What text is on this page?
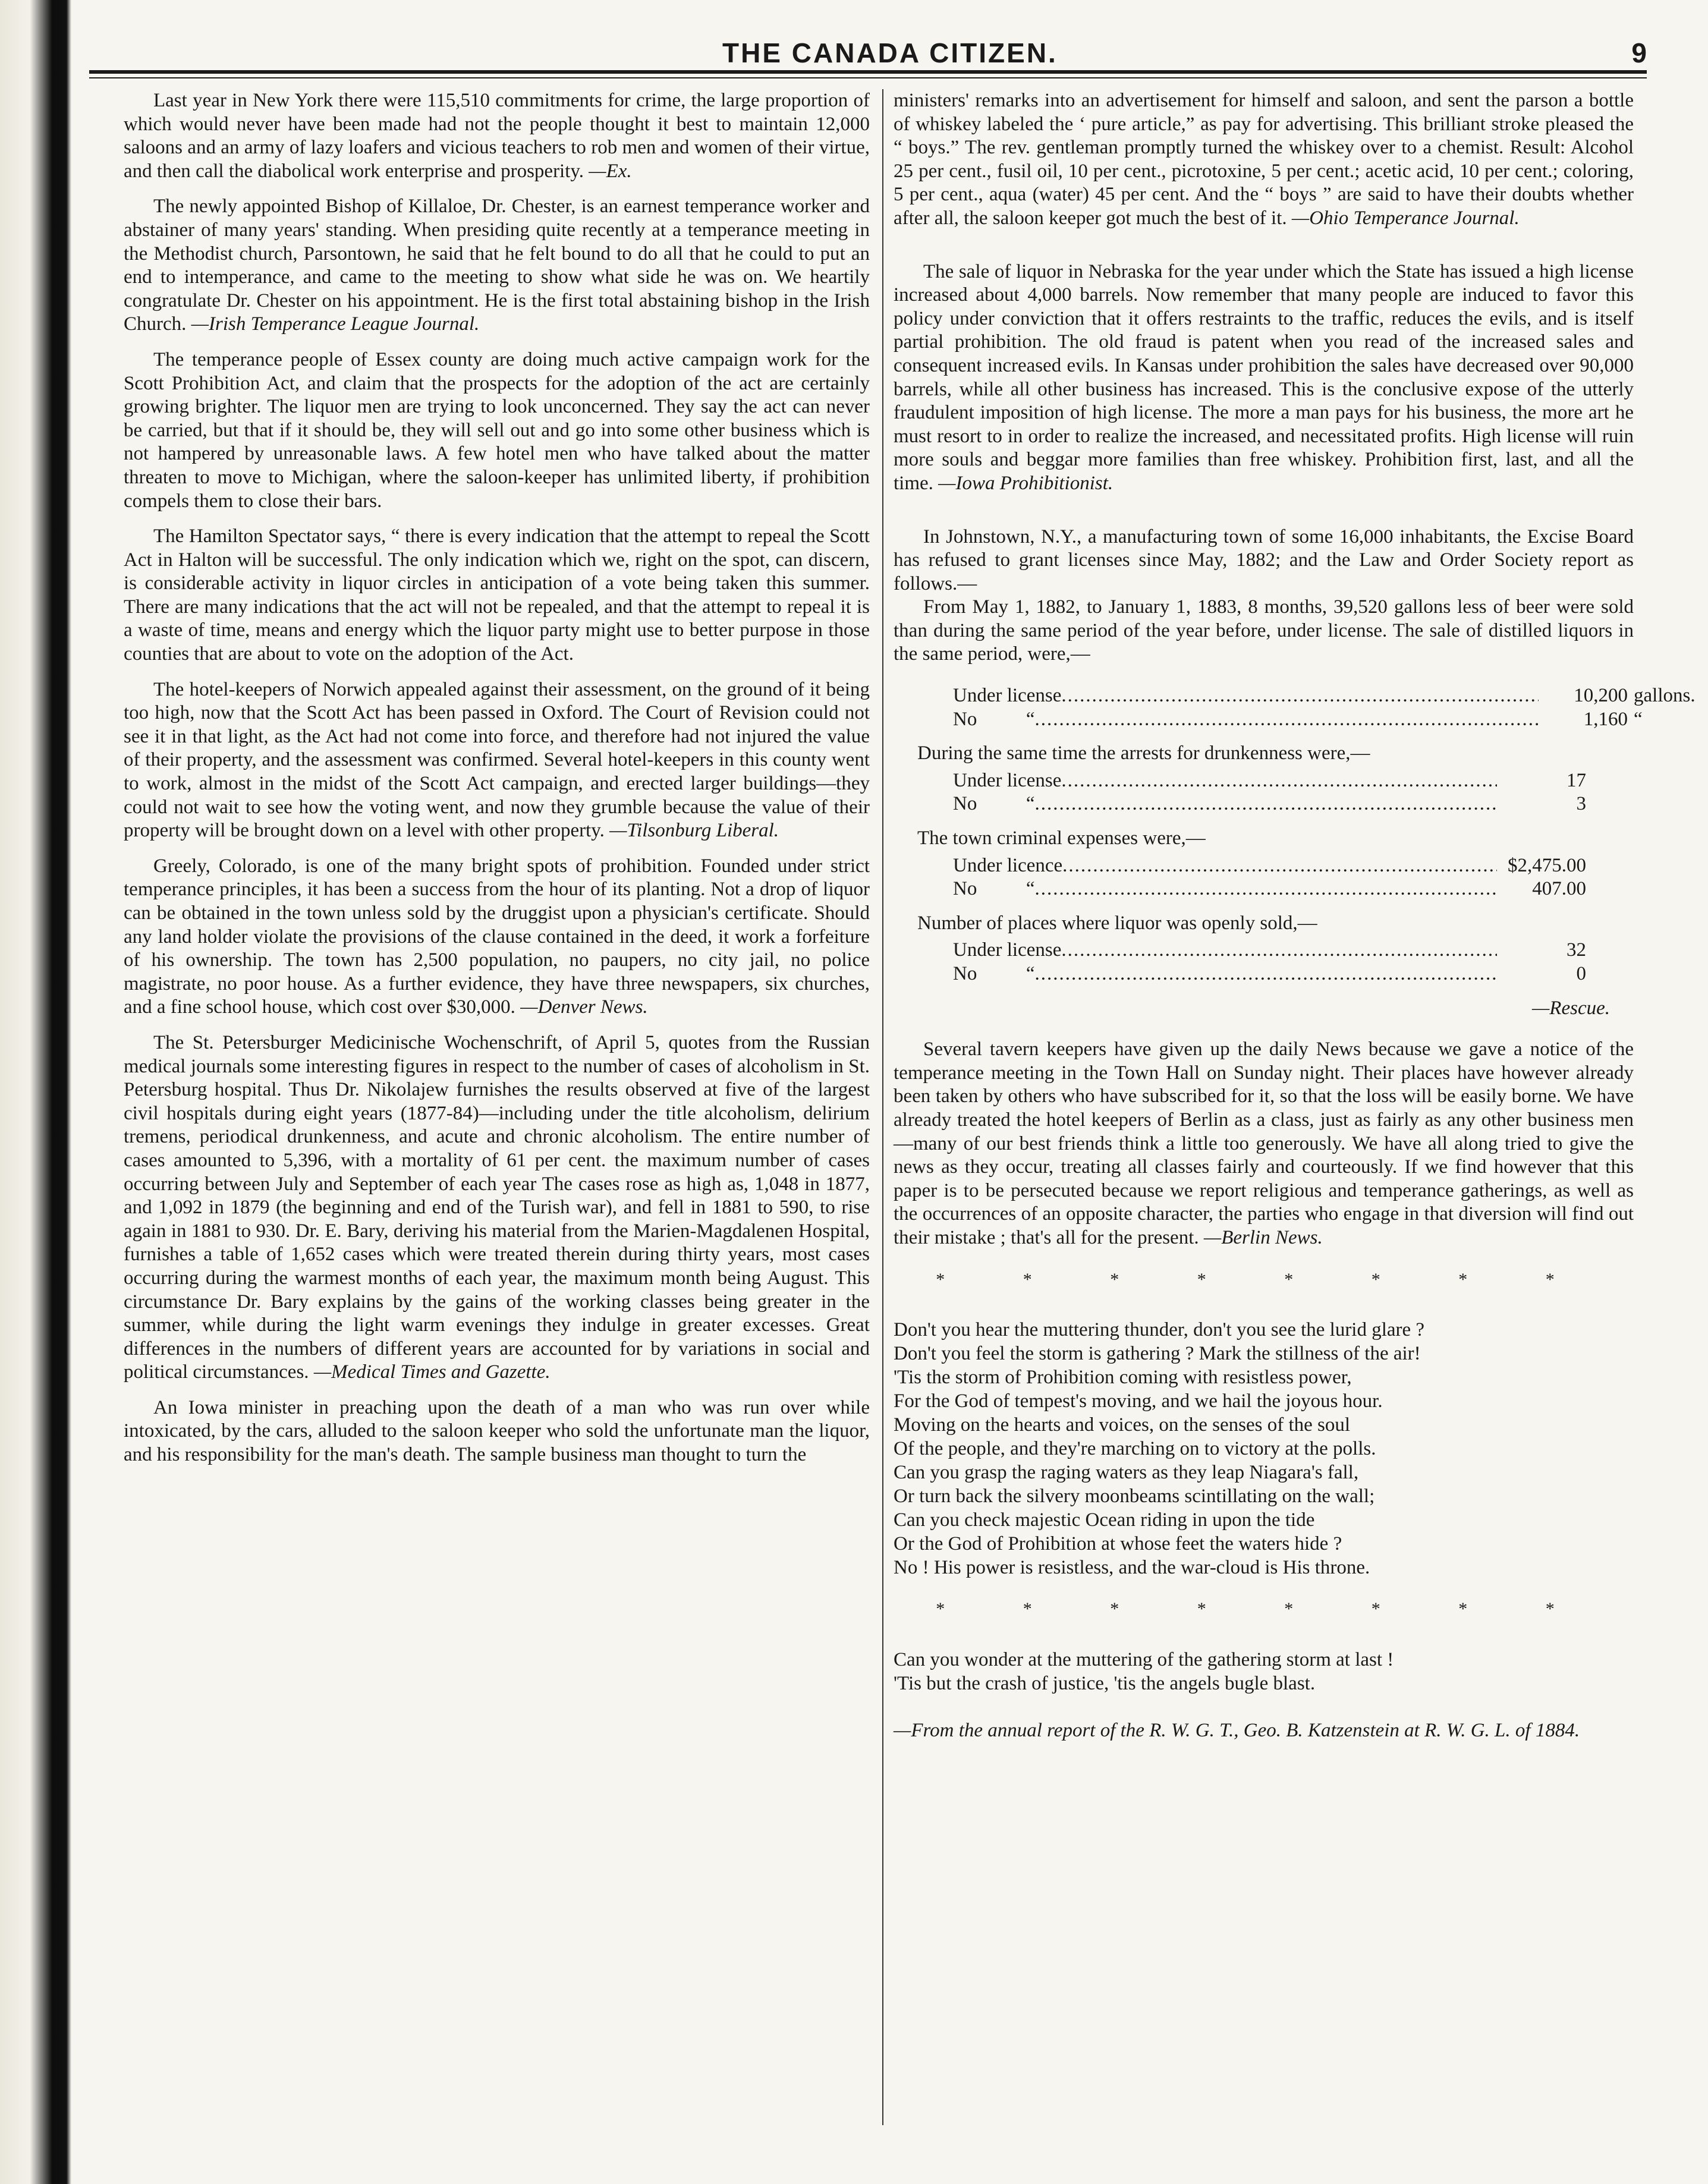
THE CANADA CITIZEN.	9

Last year in New York there were 115,510 commitments for crime, the large proportion of which would never have been made had not the people thought it best to maintain 12,000 saloons and an army of lazy loafers and vicious teachers to rob men and women of their virtue, and then call the diabolical work enterprise and prosperity. —Ex.

The newly appointed Bishop of Killaloe, Dr. Chester, is an earnest temperance worker and abstainer of many years' standing. When presiding quite recently at a temperance meeting in the Methodist church, Parsontown, he said that he felt bound to do all that he could to put an end to intemperance, and came to the meeting to show what side he was on. We heartily congratulate Dr. Chester on his appointment. He is the first total abstaining bishop in the Irish Church. —Irish Temperance League Journal.

The temperance people of Essex county are doing much active campaign work for the Scott Prohibition Act, and claim that the prospects for the adoption of the act are certainly growing brighter. The liquor men are trying to look unconcerned. They say the act can never be carried, but that if it should be, they will sell out and go into some other business which is not hampered by unreasonable laws. A few hotel men who have talked about the matter threaten to move to Michigan, where the saloon-keeper has unlimited liberty, if prohibition compels them to close their bars.

The Hamilton Spectator says, “ there is every indication that the attempt to repeal the Scott Act in Halton will be successful. The only indication which we, right on the spot, can discern, is considerable activity in liquor circles in anticipation of a vote being taken this summer. There are many indications that the act will not be repealed, and that the attempt to repeal it is a waste of time, means and energy which the liquor party might use to better purpose in those counties that are about to vote on the adoption of the Act.

The hotel-keepers of Norwich appealed against their assessment, on the ground of it being too high, now that the Scott Act has been passed in Oxford. The Court of Revision could not see it in that light, as the Act had not come into force, and therefore had not injured the value of their property, and the assessment was confirmed. Several hotel-keepers in this county went to work, almost in the midst of the Scott Act campaign, and erected larger buildings—they could not wait to see how the voting went, and now they grumble because the value of their property will be brought down on a level with other property. —Tilsonburg Liberal.

Greely, Colorado, is one of the many bright spots of prohibition. Founded under strict temperance principles, it has been a success from the hour of its planting. Not a drop of liquor can be obtained in the town unless sold by the druggist upon a physician's certificate. Should any land holder violate the provisions of the clause contained in the deed, it work a forfeiture of his ownership. The town has 2,500 population, no paupers, no city jail, no police magistrate, no poor house. As a further evidence, they have three newspapers, six churches, and a fine school house, which cost over $30,000. —Denver News.

The St. Petersburger Medicinische Wochenschrift, of April 5, quotes from the Russian medical journals some interesting figures in respect to the number of cases of alcoholism in St. Petersburg hospital. Thus Dr. Nikolajew furnishes the results observed at five of the largest civil hospitals during eight years (1877-84)—including under the title alcoholism, delirium tremens, periodical drunkenness, and acute and chronic alcoholism. The entire number of cases amounted to 5,396, with a mortality of 61 per cent. the maximum number of cases occurring between July and September of each year The cases rose as high as, 1,048 in 1877, and 1,092 in 1879 (the beginning and end of the Turish war), and fell in 1881 to 590, to rise again in 1881 to 930. Dr. E. Bary, deriving his material from the Marien-Magdalenen Hospital, furnishes a table of 1,652 cases which were treated therein during thirty years, most cases occurring during the warmest months of each year, the maximum month being August. This circumstance Dr. Bary explains by the gains of the working classes being greater in the summer, while during the light warm evenings they indulge in greater excesses. Great differences in the numbers of different years are accounted for by variations in social and political circumstances. —Medical Times and Gazette.

An Iowa minister in preaching upon the death of a man who was run over while intoxicated, by the cars, alluded to the saloon keeper who sold the unfortunate man the liquor, and his responsibility for the man's death. The sample business man thought to turn the

ministers' remarks into an advertisement for himself and saloon, and sent the parson a bottle of whiskey labeled the ‘ pure article,” as pay for advertising. This brilliant stroke pleased the “ boys.” The rev. gentleman promptly turned the whiskey over to a chemist. Result: Alcohol 25 per cent., fusil oil, 10 per cent., picrotoxine, 5 per cent.; acetic acid, 10 per cent.; coloring, 5 per cent., aqua (water) 45 per cent. And the “ boys ” are said to have their doubts whether after all, the saloon keeper got much the best of it. —Ohio Temperance Journal.

The sale of liquor in Nebraska for the year under which the State has issued a high license increased about 4,000 barrels. Now remember that many people are induced to favor this policy under conviction that it offers restraints to the traffic, reduces the evils, and is itself partial prohibition. The old fraud is patent when you read of the increased sales and consequent increased evils. In Kansas under prohibition the sales have decreased over 90,000 barrels, while all other business has increased. This is the conclusive expose of the utterly fraudulent imposition of high license. The more a man pays for his business, the more art he must resort to in order to realize the increased, and necessitated profits. High license will ruin more souls and beggar more families than free whiskey. Prohibition first, last, and all the time. —Iowa Prohibitionist.

In Johnstown, N.Y., a manufacturing town of some 16,000 inhabitants, the Excise Board has refused to grant licenses since May, 1882; and the Law and Order Society report as follows.—

From May 1, 1882, to January 1, 1883, 8 months, 39,520 gallons less of beer were sold than during the same period of the year before, under license. The sale of distilled liquors in the same period, were,—

Under license .....	10,200 gallons.
No          “ .....	1,160 “
During the same time the arrests for drunkenness were,—
Under license .....	17
No          “ .....	3
The town criminal expenses were,—
Under licence .....	$2,475.00
No          “ .....	407.00
Number of places where liquor was openly sold,—
Under license .....	32
No          “ .....	0
—Rescue.

Several tavern keepers have given up the daily News because we gave a notice of the temperance meeting in the Town Hall on Sunday night. Their places have however already been taken by others who have subscribed for it, so that the loss will be easily borne. We have already treated the hotel keepers of Berlin as a class, just as fairly as any other business men—many of our best friends think a little too generously. We have all along tried to give the news as they occur, treating all classes fairly and courteously. If we find however that this paper is to be persecuted because we report religious and temperance gatherings, as well as the occurrences of an opposite character, the parties who engage in that diversion will find out their mistake ; that's all for the present. —Berlin News.

* * * * * * * *

Don't you hear the muttering thunder, don't you see the lurid glare ?

Don't you feel the storm is gathering ? Mark the stillness of the air!

'Tis the storm of Prohibition coming with resistless power,

For the God of tempest's moving, and we hail the joyous hour.

Moving on the hearts and voices, on the senses of the soul

Of the people, and they're marching on to victory at the polls.

Can you grasp the raging waters as they leap Niagara's fall,

Or turn back the silvery moonbeams scintillating on the wall;

Can you check majestic Ocean riding in upon the tide

Or the God of Prohibition at whose feet the waters hide ?

No ! His power is resistless, and the war-cloud is His throne.

* * * * * * * *

Can you wonder at the muttering of the gathering storm at last !

'Tis but the crash of justice, 'tis the angels bugle blast.

—From the annual report of the R. W. G. T., Geo. B. Katzenstein at R. W. G. L. of 1884.
